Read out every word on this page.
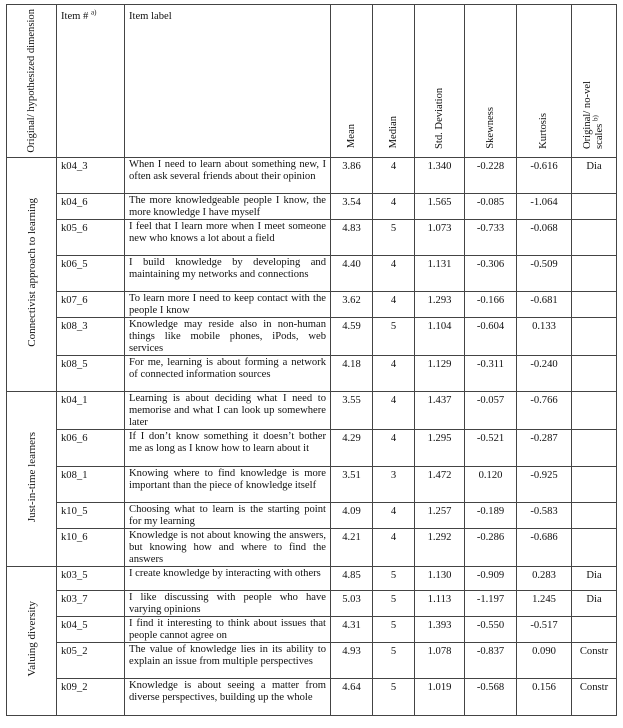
Original/ hypothesized dimension	Item # $^{a)}$	Item label	Mean	Median	Std. Deviation	Skewness	Kurtosis	Original/ no-vel scales $^{b)}$
Connectivist approach to learning	k04_3	When I need to learn about something new, I often ask several friends about their opinion	3.86	4	1.340	-0.228	-0.616	Dia
	k04_6	The more knowledgeable people I know, the more knowledge I have myself	3.54	4	1.565	-0.085	-1.064	
	k05_6	I feel that I learn more when I meet someone new who knows a lot about a field	4.83	5	1.073	-0.733	-0.068	
	k06_5	I build knowledge by developing and maintaining my networks and connections	4.40	4	1.131	-0.306	-0.509	
	k07_6	To learn more I need to keep contact with the people I know	3.62	4	1.293	-0.166	-0.681	
	k08_3	Knowledge may reside also in non-human things like mobile phones, iPods, web services	4.59	5	1.104	-0.604	0.133	
	k08_5	For me, learning is about forming a network of connected information sources	4.18	4	1.129	-0.311	-0.240	
Just-in-time learners	k04_1	Learning is about deciding what I need to memorise and what I can look up somewhere later	3.55	4	1.437	-0.057	-0.766	
	k06_6	If I don’t know something it doesn’t bother me as long as I know how to learn about it	4.29	4	1.295	-0.521	-0.287	
	k08_1	Knowing where to find knowledge is more important than the piece of knowledge itself	3.51	3	1.472	0.120	-0.925	
	k10_5	Choosing what to learn is the starting point for my learning	4.09	4	1.257	-0.189	-0.583	
	k10_6	Knowledge is not about knowing the answers, but knowing how and where to find the answers	4.21	4	1.292	-0.286	-0.686	
Valuing diversity	k03_5	I create knowledge by interacting with others	4.85	5	1.130	-0.909	0.283	Dia
	k03_7	I like discussing with people who have varying opinions	5.03	5	1.113	-1.197	1.245	Dia
	k04_5	I find it interesting to think about issues that people cannot agree on	4.31	5	1.393	-0.550	-0.517	
	k05_2	The value of knowledge lies in its ability to explain an issue from multiple perspectives	4.93	5	1.078	-0.837	0.090	Constr
	k09_2	Knowledge is about seeing a matter from diverse perspectives, building up the whole	4.64	5	1.019	-0.568	0.156	Constr
